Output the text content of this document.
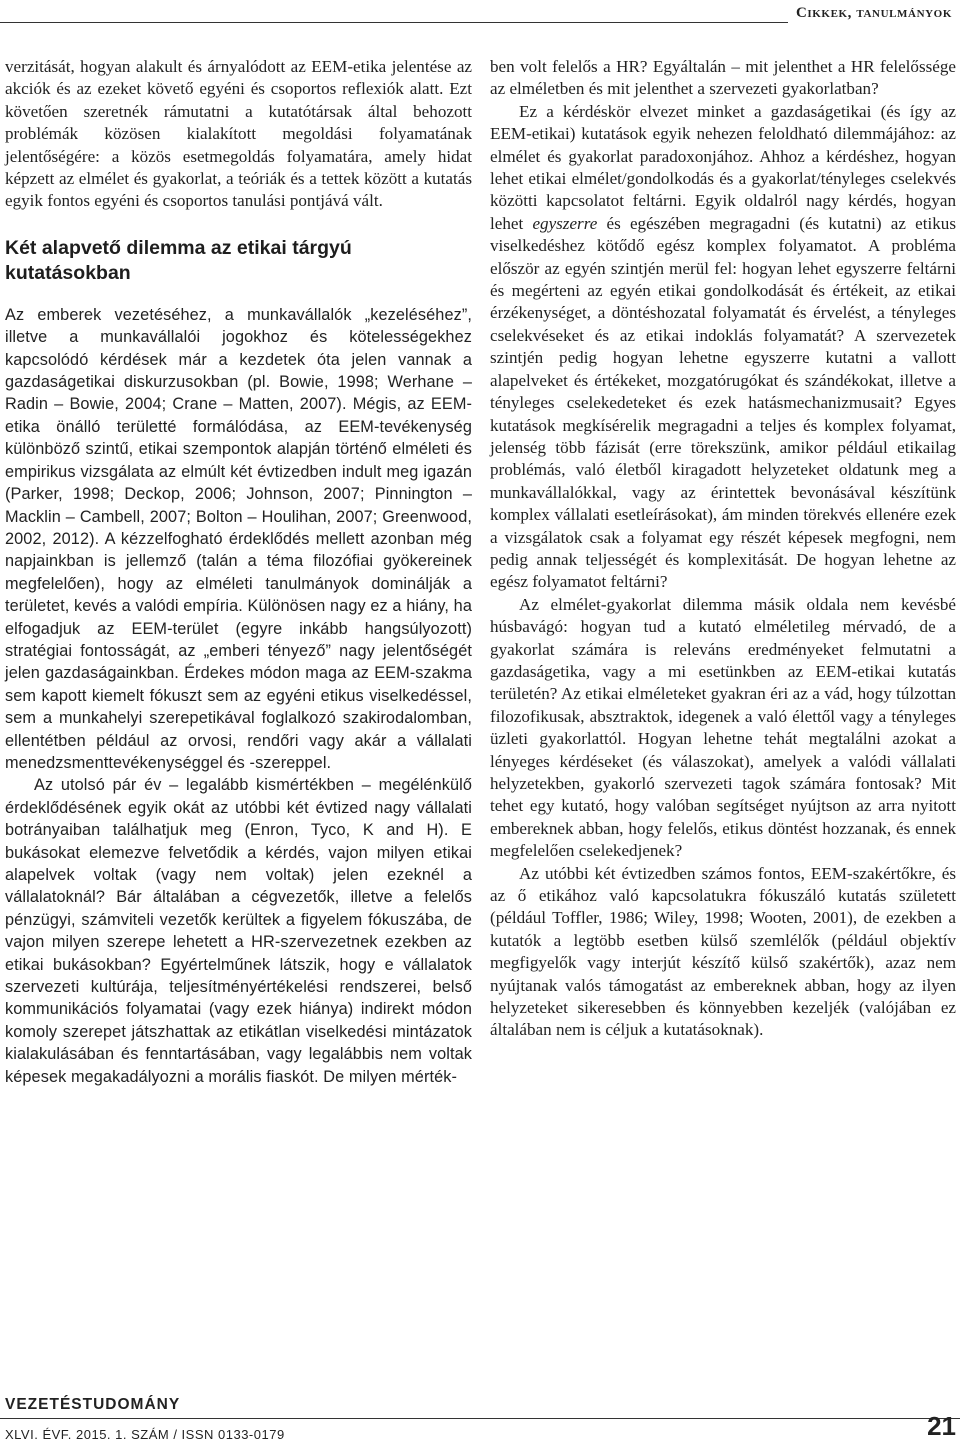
Cikkek, tanulmányok

verzitását, hogyan alakult és árnyalódott az EEM-etika jelentése az akciók és az ezeket követő egyéni és csoportos reflexiók alatt. Ezt követően szeretnék rámutatni a kutatótársak által behozott problémák közösen kialakított megoldási folyamatának jelentőségére: a közös esetmegoldás folyamatára, amely hidat képzett az elmélet és gyakorlat, a teóriák és a tettek között a kutatás egyik fontos egyéni és csoportos tanulási pontjává vált.

Két alapvető dilemma az etikai tárgyú kutatásokban

Az emberek vezetéséhez, a munkavállalók „kezeléséhez”, illetve a munkavállalói jogokhoz és kötelességekhez kapcsolódó kérdések már a kezdetek óta jelen vannak a gazdaságetikai diskurzusokban (pl. Bowie, 1998; Werhane – Radin – Bowie, 2004; Crane – Matten, 2007). Mégis, az EEM-etika önálló területté formálódása, az EEM-tevékenység különböző szintű, etikai szempontok alapján történő elméleti és empirikus vizsgálata az elmúlt két évtizedben indult meg igazán (Parker, 1998; Deckop, 2006; Johnson, 2007; Pinnington – Macklin – Cambell, 2007; Bolton – Houlihan, 2007; Greenwood, 2002, 2012). A kézzelfogható érdeklődés mellett azonban még napjainkban is jellemző (talán a téma filozófiai gyökereinek megfelelően), hogy az elméleti tanulmányok dominálják a területet, kevés a valódi empíria. Különösen nagy ez a hiány, ha elfogadjuk az EEM-terület (egyre inkább hangsúlyozott) stratégiai fontosságát, az „emberi tényező” nagy jelentőségét jelen gazdaságainkban. Érdekes módon maga az EEM-szakma sem kapott kiemelt fókuszt sem az egyéni etikus viselkedéssel, sem a munkahelyi szerepetikával foglalkozó szakirodalomban, ellentétben például az orvosi, rendőri vagy akár a vállalati menedzsmenttevékenységgel és -szereppel.

Az utolsó pár év – legalább kismértékben – megélénkülő érdeklődésének egyik okát az utóbbi két évtized nagy vállalati botrányaiban találhatjuk meg (Enron, Tyco, K and H). E bukásokat elemezve felvetődik a kérdés, vajon milyen etikai alapelvek voltak (vagy nem voltak) jelen ezeknél a vállalatoknál? Bár általában a cégvezetők, illetve a felelős pénzügyi, számviteli vezetők kerültek a figyelem fókuszába, de vajon milyen szerepe lehetett a HR-szervezetnek ezekben az etikai bukásokban? Egyértelműnek látszik, hogy e vállalatok szervezeti kultúrája, teljesítményértékelési rendszerei, belső kommunikációs folyamatai (vagy ezek hiánya) indirekt módon komoly szerepet játszhattak az etikátlan viselkedési mintázatok kialakulásában és fenntartásában, vagy legalábbis nem voltak képesek megakadályozni a morális fiaskót. De milyen mérték-

ben volt felelős a HR? Egyáltalán – mit jelenthet a HR felelőssége az elméletben és mit jelenthet a szervezeti gyakorlatban?

Ez a kérdéskör elvezet minket a gazdaságetikai (és így az EEM-etikai) kutatások egyik nehezen feloldható dilemmájához: az elmélet és gyakorlat paradoxonjához. Ahhoz a kérdéshez, hogyan lehet etikai elmélet/gondolkodás és a gyakorlat/tényleges cselekvés közötti kapcsolatot feltárni. Egyik oldalról nagy kérdés, hogyan lehet egyszerre és egészében megragadni (és kutatni) az etikus viselkedéshez kötődő egész komplex folyamatot. A probléma először az egyén szintjén merül fel: hogyan lehet egyszerre feltárni és megérteni az egyén etikai gondolkodását és értékeit, az etikai érzékenységet, a döntéshozatal folyamatát és érvelést, a tényleges cselekvéseket és az etikai indoklás folyamatát? A szervezetek szintjén pedig hogyan lehetne egyszerre kutatni a vallott alapelveket és értékeket, mozgatórugókat és szándékokat, illetve a tényleges cselekedeteket és ezek hatásmechanizmusait? Egyes kutatások megkísérelik megragadni a teljes és komplex folyamat, jelenség több fázisát (erre törekszünk, amikor például etikailag problémás, való életből kiragadott helyzeteket oldatunk meg a munkavállalókkal, vagy az érintettek bevonásával készítünk komplex vállalati esetleírásokat), ám minden törekvés ellenére ezek a vizsgálatok csak a folyamat egy részét képesek megfogni, nem pedig annak teljességét és komplexitását. De hogyan lehetne az egész folyamatot feltárni?

Az elmélet-gyakorlat dilemma másik oldala nem kevésbé húsbavágó: hogyan tud a kutató elméletileg mérvadó, de a gyakorlat számára is releváns eredményeket felmutatni a gazdaságetika, vagy a mi esetünkben az EEM-etikai kutatás területén? Az etikai elméleteket gyakran éri az a vád, hogy túlzottan filozofikusak, absztraktok, idegenek a való élettől vagy a tényleges üzleti gyakorlattól. Hogyan lehetne tehát megtalálni azokat a lényeges kérdéseket (és válaszokat), amelyek a valódi vállalati helyzetekben, gyakorló szervezeti tagok számára fontosak? Mit tehet egy kutató, hogy valóban segítséget nyújtson az arra nyitott embereknek abban, hogy felelős, etikus döntést hozzanak, és ennek megfelelően cselekedjenek?

Az utóbbi két évtizedben számos fontos, EEM-szakértőkre, és az ő etikához való kapcsolatukra fókuszáló kutatás született (például Toffler, 1986; Wiley, 1998; Wooten, 2001), de ezekben a kutatók a legtöbb esetben külső szemlélők (például objektív megfigyelők vagy interjút készítő külső szakértők), azaz nem nyújtanak valós támogatást az embereknek abban, hogy az ilyen helyzeteket sikeresebben és könnyebben kezeljék (valójában ez általában nem is céljuk a kutatásoknak).

VEZETÉSTUDOMÁNY
XLVI. ÉVF. 2015. 1. SZÁM / ISSN 0133-0179	21
